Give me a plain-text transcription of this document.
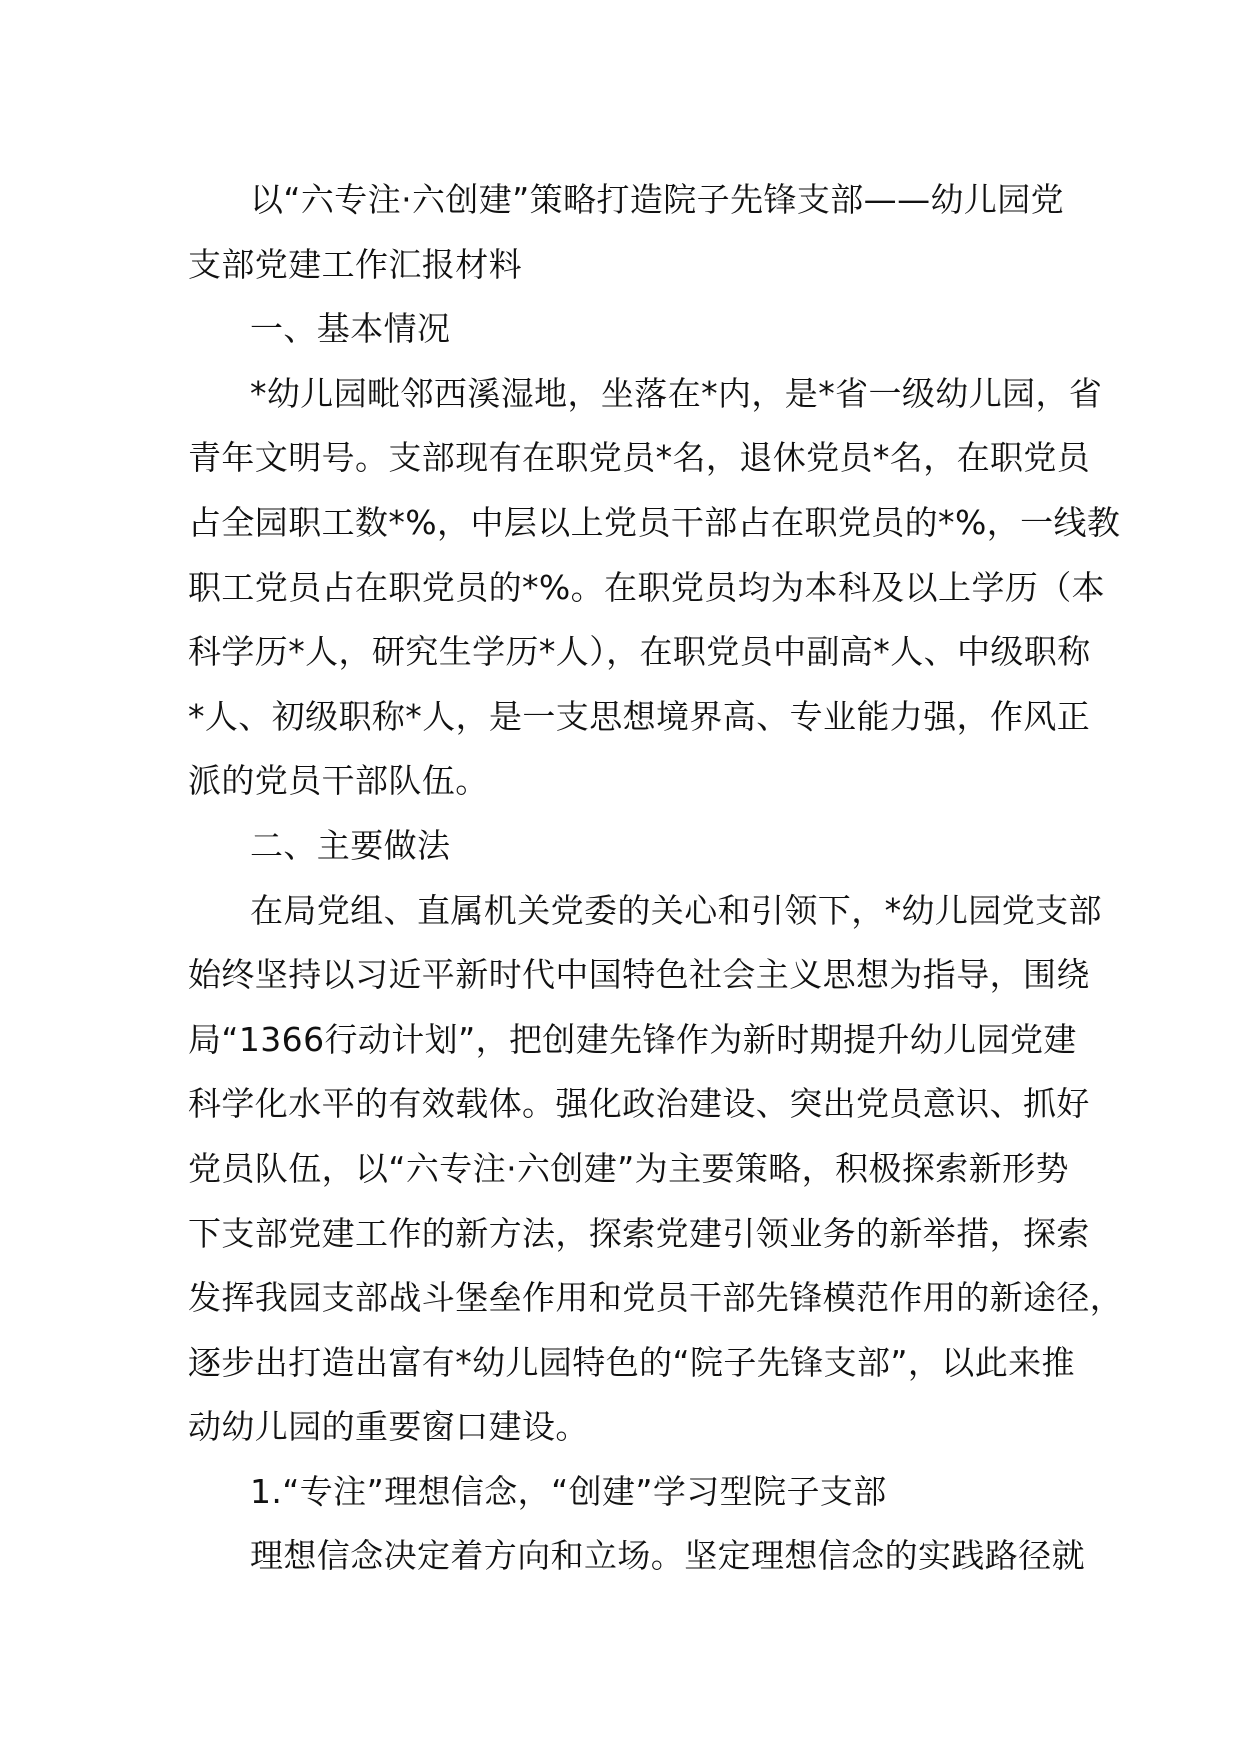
以“六专注·六创建”策略打造院子先锋支部——幼儿园党
支部党建工作汇报材料
一、基本情况
*幼儿园毗邻西溪湿地，坐落在*内，是*省一级幼儿园，省
青年文明号。支部现有在职党员*名，退休党员*名，在职党员
占全园职工数*%，中层以上党员干部占在职党员的*%，一线教
职工党员占在职党员的*%。在职党员均为本科及以上学历（本
科学历*人，研究生学历*人），在职党员中副高*人、中级职称
*人、初级职称*人，是一支思想境界高、专业能力强，作风正
派的党员干部队伍。
二、主要做法
在局党组、直属机关党委的关心和引领下，*幼儿园党支部
始终坚持以习近平新时代中国特色社会主义思想为指导，围绕
局“1366行动计划”，把创建先锋作为新时期提升幼儿园党建
科学化水平的有效载体。强化政治建设、突出党员意识、抓好
党员队伍，以“六专注·六创建”为主要策略，积极探索新形势
下支部党建工作的新方法，探索党建引领业务的新举措，探索
发挥我园支部战斗堡垒作用和党员干部先锋模范作用的新途径，
逐步出打造出富有*幼儿园特色的“院子先锋支部”，以此来推
动幼儿园的重要窗口建设。
1.“专注”理想信念，“创建”学习型院子支部
理想信念决定着方向和立场。坚定理想信念的实践路径就
